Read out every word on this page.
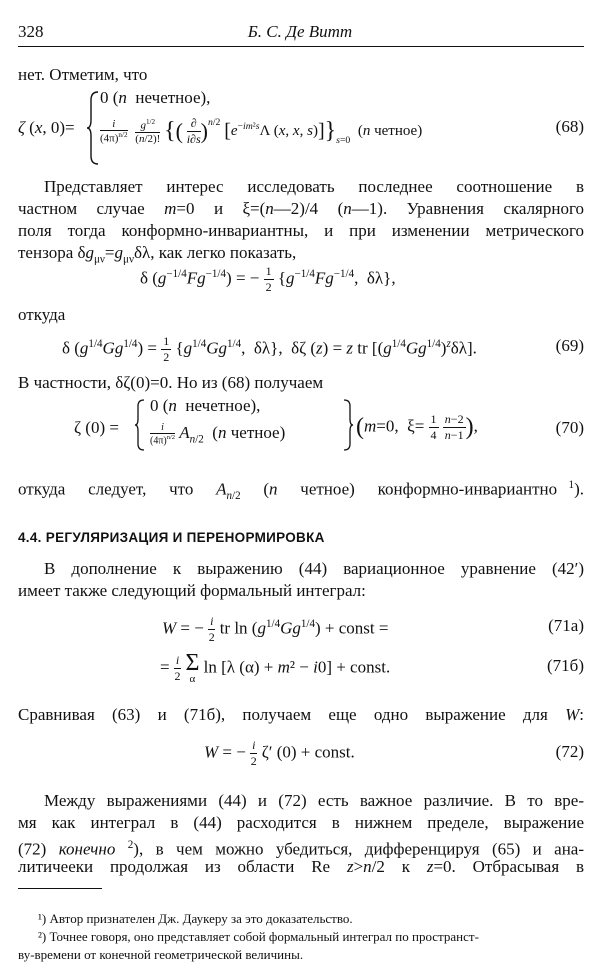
328	Б. С. Де Витт
нет. Отметим, что
ζ (x, 0)=
0 (n  нечетное),
$\frac{i}{(4\pi)^{n/2}}$
$\frac{g^{1/2}}{(n/2)!}$ {( ∂
i∂s )$^{n/2}$ [$e^{-im^2s}\Lambda$ (x, x, $s)]\}_{s=0}$  (n четное)	(68)
Представляет интерес исследовать последнее соотношение в
частном случае m=0 и ξ=(n—2)/4 (n—1). Уравнения скалярного
поля тогда конформно-инвариантны, и при изменении метрического
тензора $\delta g_{\mu\nu}=g_{\mu\nu}\delta\lambda$, как легко показать,
δ $(g^{-1/4}Fg^{-1/4})$ = − $\frac{1}{2} \{g^{-1/4}Fg^{-1/4}$,  δλ},
откуда
δ $(g^{1/4}Gg^{1/4}) = \frac{1}{2} \{g^{1/4}Gg^{1/4}$,  δλ},  δζ (z) = z tr $[(g^{1/4}Gg^{1/4})^z\delta\lambda]$.	(69)
В частности, δζ(0)=0. Но из (68) получаем
ζ (0) =
0 (n  нечетное),
$\frac{i}{(4\pi)^{n/2}} A_{n/2}$  (n четное)	(m=0,  $\xi= \frac{1}{4}$
$\frac{n-2}{n-1}$ ),	(70)
откуда  следует,  что  $A_{n/2}$  (n  четное)  конформно-инвариантно $^1$).
4.4. РЕГУЛЯРИЗАЦИЯ И ПЕРЕНОРМИРОВКА
В дополнение к выражению (44) вариационное уравнение (42′)
имеет также следующий формальный интеграл:
W = − $\frac{i}{2}$ tr $\ln (g^{1/4}Gg^{1/4})$ + const =	(71a)
= $\frac{i}{2}$
Σ
α
ln [λ (α) + m² − i0] + const.	(71б)
Сравнивая (63) и (71б), получаем еще одно выражение для W:
W = − $\frac{i}{2} \zeta'$ (0) + const.	(72)
Между выражениями (44) и (72) есть важное различие. В то вре-
мя как интеграл в (44) расходится в нижнем пределе, выражение
(72) конечно $^2$), в чем можно убедиться, дифференцируя (65) и ана-
литичееки продолжая из области Re z>n/2 к z=0. Отбрасывая в
¹) Автор признателен Дж. Даукеру за это доказательство.
²) Точнее говоря, оно представляет собой формальный интеграл по пространст-
ву-времени от конечной геометрической величины.
